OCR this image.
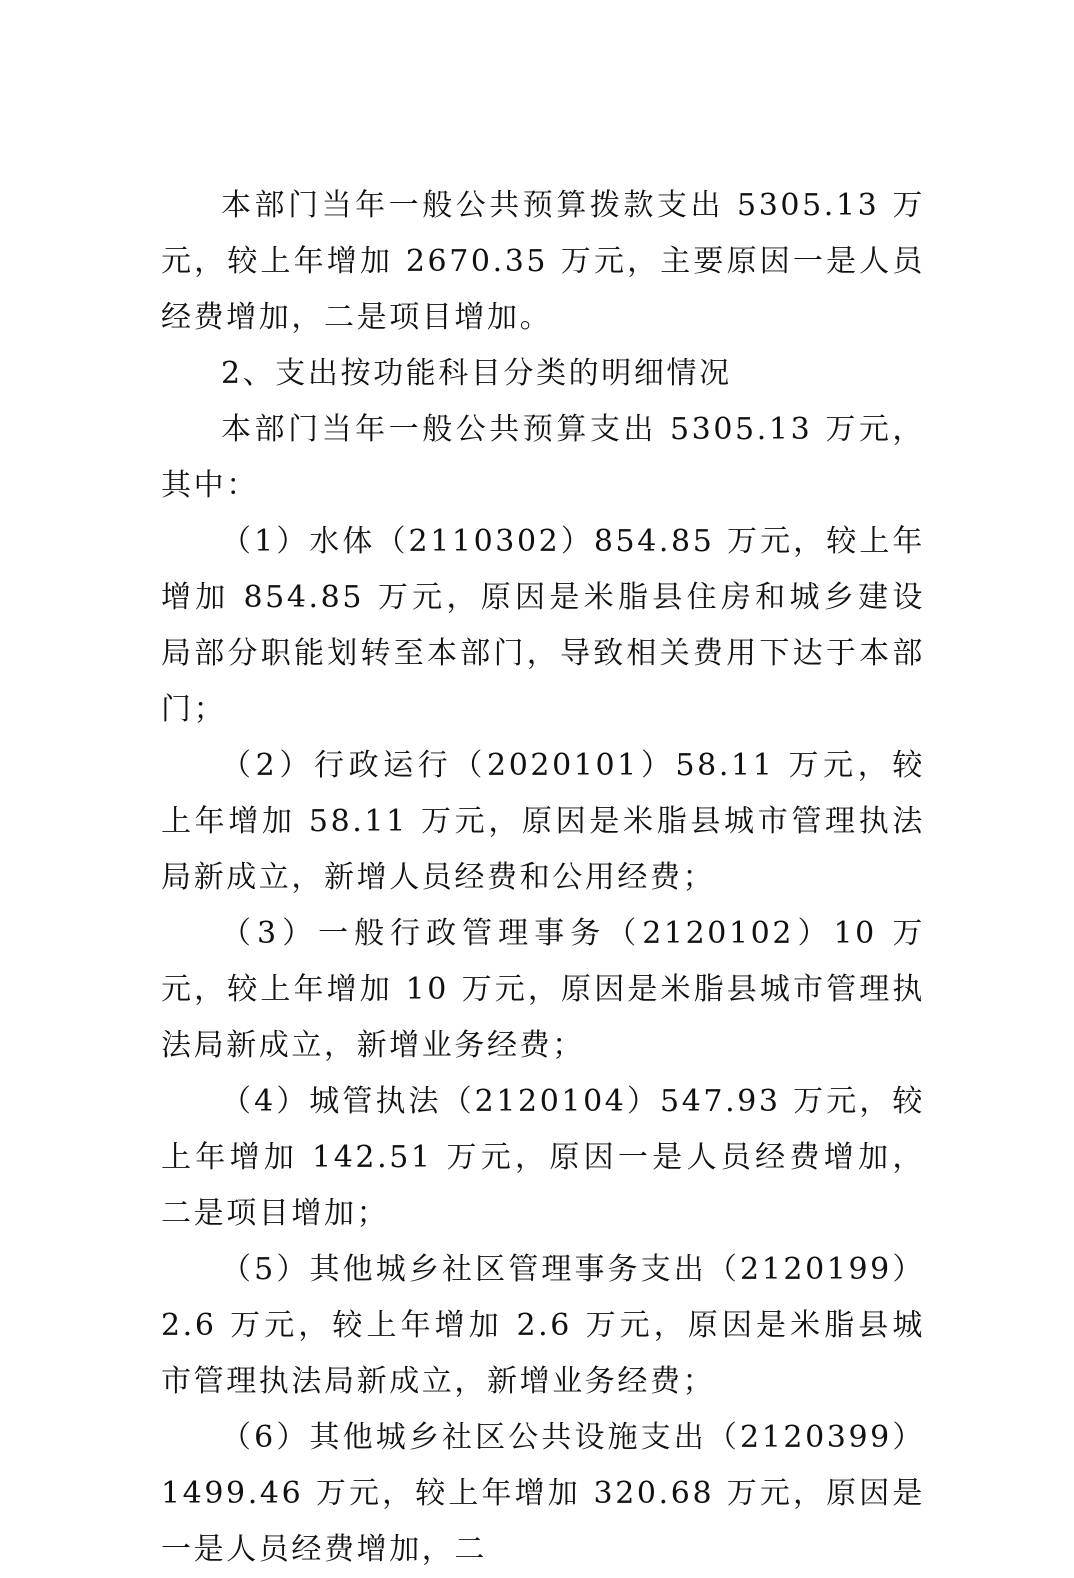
本部门当年一般公共预算拨款支出 5305.13 万元，较上年增加 2670.35 万元，主要原因一是人员经费增加，二是项目增加。

2、支出按功能科目分类的明细情况

本部门当年一般公共预算支出 5305.13 万元，其中：

（1）水体（2110302）854.85 万元，较上年增加 854.85 万元，原因是米脂县住房和城乡建设局部分职能划转至本部门，导致相关费用下达于本部门；

（2）行政运行（2020101）58.11 万元，较上年增加 58.11 万元，原因是米脂县城市管理执法局新成立，新增人员经费和公用经费；

（3）一般行政管理事务（2120102）10 万元，较上年增加 10 万元，原因是米脂县城市管理执法局新成立，新增业务经费；

（4）城管执法（2120104）547.93 万元，较上年增加 142.51 万元，原因一是人员经费增加，二是项目增加；

（5）其他城乡社区管理事务支出（2120199）2.6 万元，较上年增加 2.6 万元，原因是米脂县城市管理执法局新成立，新增业务经费；

（6）其他城乡社区公共设施支出（2120399）1499.46 万元，较上年增加 320.68 万元，原因是一是人员经费增加，二
